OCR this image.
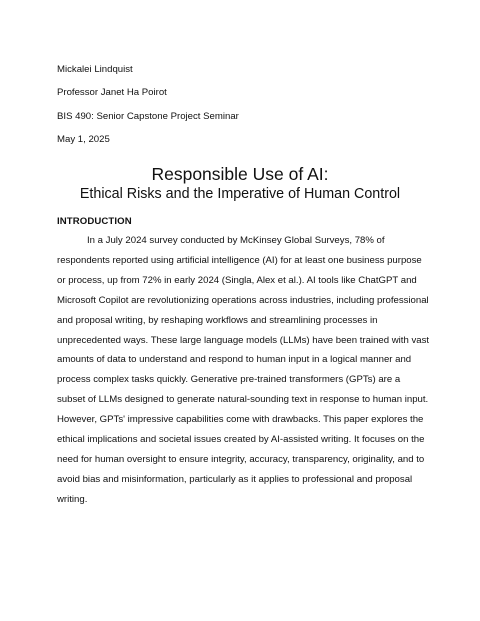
Mickalei Lindquist
Professor Janet Ha Poirot
BIS 490: Senior Capstone Project Seminar
May 1, 2025
Responsible Use of AI:
Ethical Risks and the Imperative of Human Control
INTRODUCTION
In a July 2024 survey conducted by McKinsey Global Surveys, 78% of
respondents reported using artificial intelligence (AI) for at least one business purpose
or process, up from 72% in early 2024 (Singla, Alex et al.). AI tools like ChatGPT and
Microsoft Copilot are revolutionizing operations across industries, including professional
and proposal writing, by reshaping workflows and streamlining processes in
unprecedented ways. These large language models (LLMs) have been trained with vast
amounts of data to understand and respond to human input in a logical manner and
process complex tasks quickly. Generative pre-trained transformers (GPTs) are a
subset of LLMs designed to generate natural-sounding text in response to human input.
However, GPTs' impressive capabilities come with drawbacks. This paper explores the
ethical implications and societal issues created by AI-assisted writing. It focuses on the
need for human oversight to ensure integrity, accuracy, transparency, originality, and to
avoid bias and misinformation, particularly as it applies to professional and proposal
writing.
